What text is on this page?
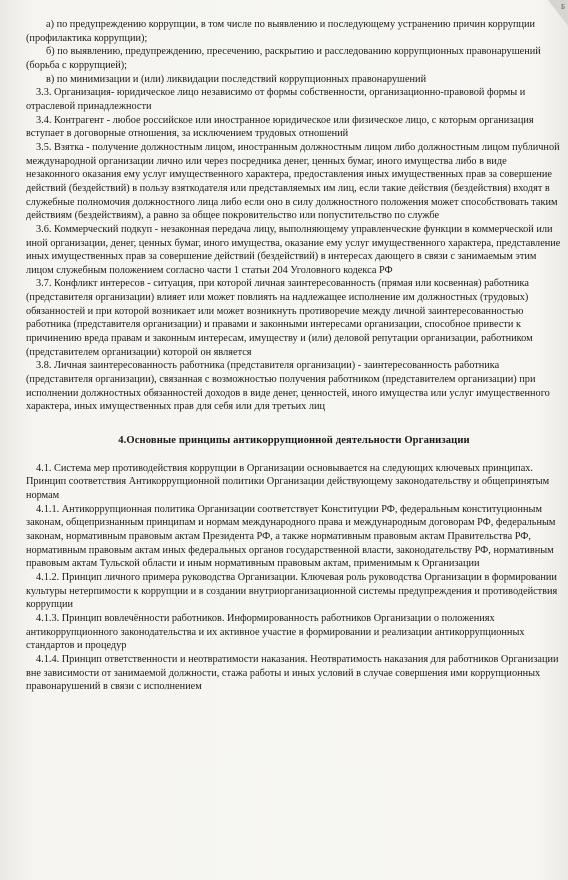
Б

а) по предупреждению коррупции, в том числе по выявлению и последующему устранению причин коррупции (профилактика коррупции);

б) по выявлению, предупреждению, пресечению, раскрытию и расследованию коррупционных правонарушений (борьба с коррупцией);

в) по минимизации и (или) ликвидации последствий коррупционных правонарушений

3.3. Организация- юридическое лицо независимо от формы собственности, организационно-правовой формы и отраслевой принадлежности

3.4. Контрагент - любое российское или иностранное юридическое или физическое лицо, с которым организация вступает в договорные отношения, за исключением трудовых отношений

3.5. Взятка - получение должностным лицом, иностранным должностным лицом либо должностным лицом публичной международной организации лично или через посредника денег, ценных бумаг, иного имущества либо в виде незаконного оказания ему услуг имущественного характера, предоставления иных имущественных прав за совершение действий (бездействий) в пользу взяткодателя или представляемых им лиц, если такие действия (бездействия) входят в служебные полномочия должностного лица либо если оно в силу должностного положения может способствовать таким действиям (бездействиям), а равно за общее покровительство или попустительство по службе

3.6. Коммерческий подкуп - незаконная передача лицу, выполняющему управленческие функции в коммерческой или иной организации, денег, ценных бумаг, иного имущества, оказание ему услуг имущественного характера, представление иных имущественных прав за совершение действий (бездействий) в интересах дающего в связи с занимаемым этим лицом служебным положением согласно части 1 статьи 204 Уголовного кодекса РФ

3.7. Конфликт интересов - ситуация, при которой личная заинтересованность (прямая или косвенная) работника (представителя организации) влияет или может повлиять на надлежащее исполнение им должностных (трудовых) обязанностей и при которой возникает или может возникнуть противоречие между личной заинтересованностью работника (представителя организации) и правами и законными интересами организации, способное привести к причинению вреда правам и законным интересам, имуществу и (или) деловой репутации организации, работником (представителем организации) которой он является

3.8. Личная заинтересованность работника (представителя организации) - заинтересованность работника (представителя организации), связанная с возможностью получения работником (представителем организации) при исполнении должностных обязанностей доходов в виде денег, ценностей, иного имущества или услуг имущественного характера, иных имущественных прав для себя или для третьих лиц

4.Основные принципы антикоррупционной деятельности Организации

4.1. Система мер противодействия коррупции в Организации основывается на следующих ключевых принципах. Принцип соответствия Антикоррупционной политики Организации действующему законодательству и общепринятым нормам

4.1.1. Антикоррупционная политика Организации соответствует Конституции РФ, федеральным конституционным законам, общепризнанным принципам и нормам международного права и международным договорам РФ, федеральным законам, нормативным правовым актам Президента РФ, а также нормативным правовым актам Правительства РФ, нормативным правовым актам иных федеральных органов государственной власти, законодательству РФ, нормативным правовым актам Тульской области и иным нормативным правовым актам, применимым к Организации

4.1.2. Принцип личного примера руководства Организации. Ключевая роль руководства Организации в формировании культуры нетерпимости к коррупции и в создании внутриорганизационной системы предупреждения и противодействия коррупции

4.1.3. Принцип вовлечённости работников. Информированность работников Организации о положениях антикоррупционного законодательства и их активное участие в формировании и реализации антикоррупционных стандартов и процедур

4.1.4. Принцип ответственности и неотвратимости наказания. Неотвратимость наказания для работников Организации вне зависимости от занимаемой должности, стажа работы и иных условий в случае совершения ими коррупционных правонарушений в связи с исполнением
